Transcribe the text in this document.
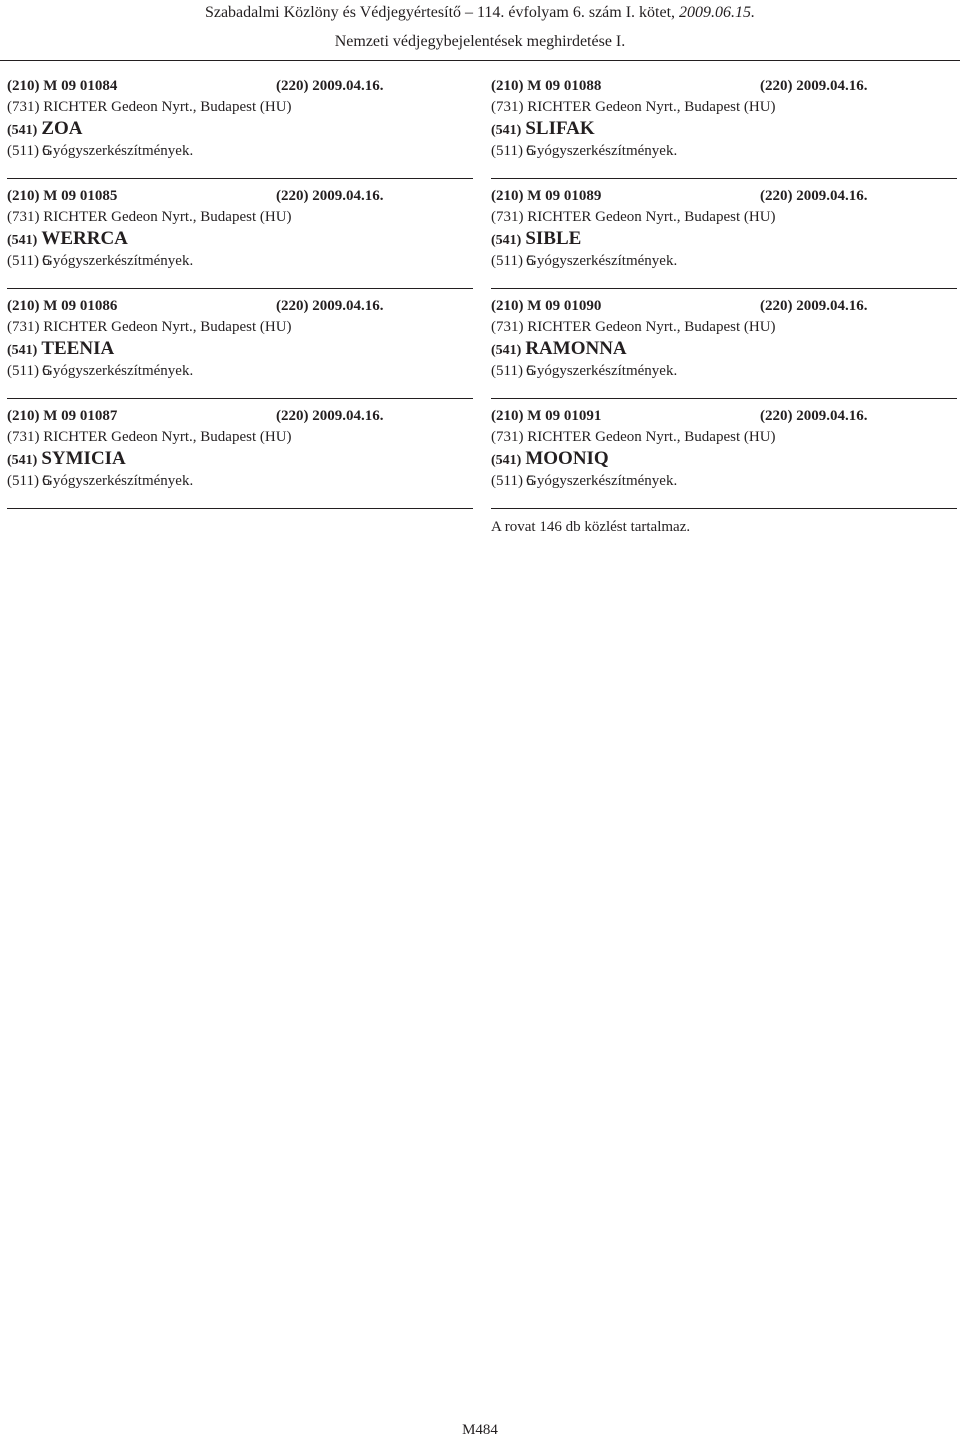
Szabadalmi Közlöny és Védjegyértesítő – 114. évfolyam 6. szám I. kötet, 2009.06.15.
Nemzeti védjegybejelentések meghirdetése I.
(210) M 09 01084	(220) 2009.04.16.
(731) RICHTER Gedeon Nyrt., Budapest (HU)
(541) ZOA
(511) 5Gyógyszerkészítmények.
(210) M 09 01085	(220) 2009.04.16.
(731) RICHTER Gedeon Nyrt., Budapest (HU)
(541) WERRCA
(511) 5Gyógyszerkészítmények.
(210) M 09 01086	(220) 2009.04.16.
(731) RICHTER Gedeon Nyrt., Budapest (HU)
(541) TEENIA
(511) 5Gyógyszerkészítmények.
(210) M 09 01087	(220) 2009.04.16.
(731) RICHTER Gedeon Nyrt., Budapest (HU)
(541) SYMICIA
(511) 5Gyógyszerkészítmények.
(210) M 09 01088	(220) 2009.04.16.
(731) RICHTER Gedeon Nyrt., Budapest (HU)
(541) SLIFAK
(511) 5Gyógyszerkészítmények.
(210) M 09 01089	(220) 2009.04.16.
(731) RICHTER Gedeon Nyrt., Budapest (HU)
(541) SIBLE
(511) 5Gyógyszerkészítmények.
(210) M 09 01090	(220) 2009.04.16.
(731) RICHTER Gedeon Nyrt., Budapest (HU)
(541) RAMONNA
(511) 5Gyógyszerkészítmények.
(210) M 09 01091	(220) 2009.04.16.
(731) RICHTER Gedeon Nyrt., Budapest (HU)
(541) MOONIQ
(511) 5Gyógyszerkészítmények.
A rovat 146 db közlést tartalmaz.
M484
